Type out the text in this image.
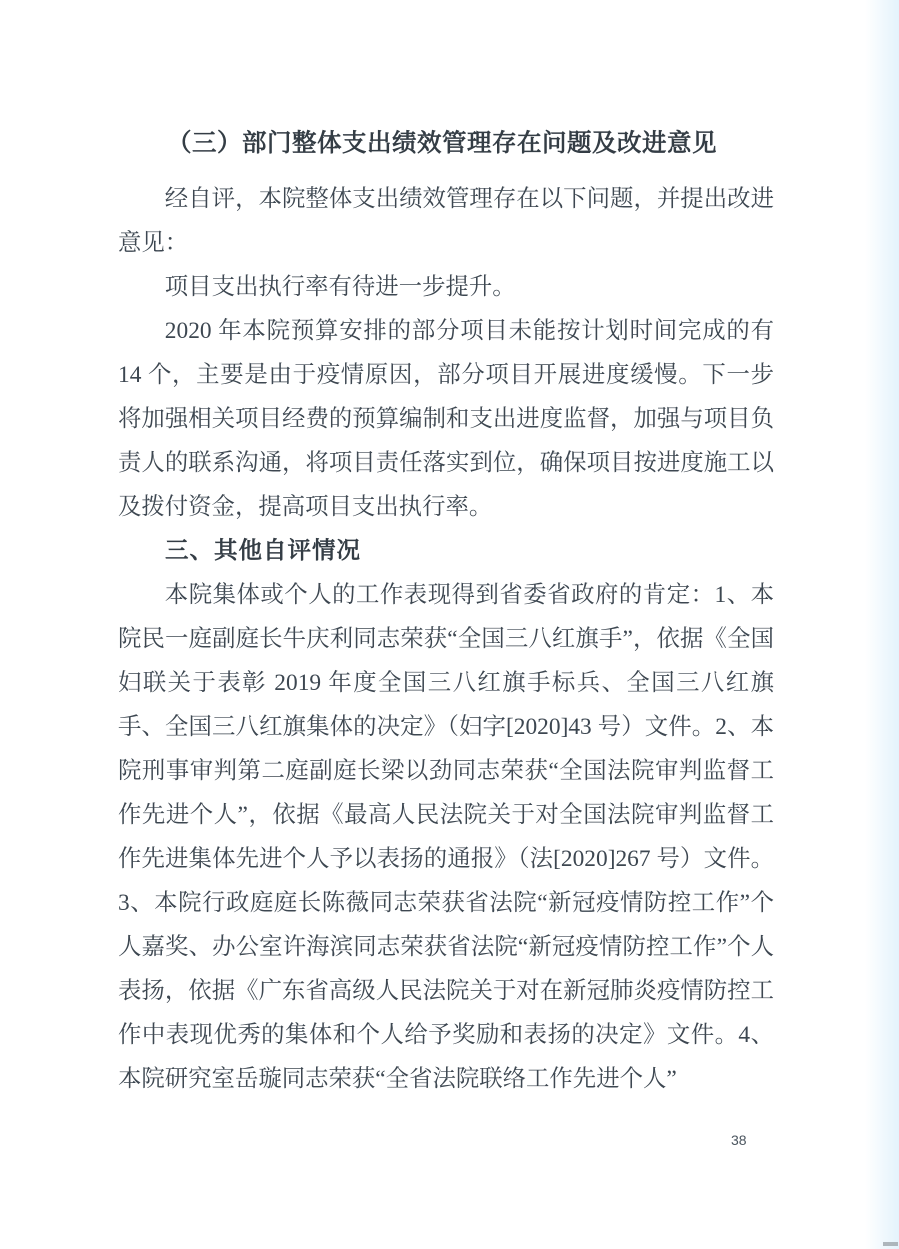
（三）部门整体支出绩效管理存在问题及改进意见

经自评，本院整体支出绩效管理存在以下问题，并提出改进意见：

项目支出执行率有待进一步提升。

2020 年本院预算安排的部分项目未能按计划时间完成的有 14 个，主要是由于疫情原因，部分项目开展进度缓慢。下一步将加强相关项目经费的预算编制和支出进度监督，加强与项目负责人的联系沟通，将项目责任落实到位，确保项目按进度施工以及拨付资金，提高项目支出执行率。

三、其他自评情况

本院集体或个人的工作表现得到省委省政府的肯定：1、本院民一庭副庭长牛庆利同志荣获“全国三八红旗手”，依据《全国妇联关于表彰 2019 年度全国三八红旗手标兵、全国三八红旗手、全国三八红旗集体的决定》（妇字[2020]43 号）文件。2、本院刑事审判第二庭副庭长梁以劲同志荣获“全国法院审判监督工作先进个人”，依据《最高人民法院关于对全国法院审判监督工作先进集体先进个人予以表扬的通报》（法[2020]267 号）文件。3、本院行政庭庭长陈薇同志荣获省法院“新冠疫情防控工作”个人嘉奖、办公室许海滨同志荣获省法院“新冠疫情防控工作”个人表扬，依据《广东省高级人民法院关于对在新冠肺炎疫情防控工作中表现优秀的集体和个人给予奖励和表扬的决定》文件。4、本院研究室岳璇同志荣获“全省法院联络工作先进个人”

38
